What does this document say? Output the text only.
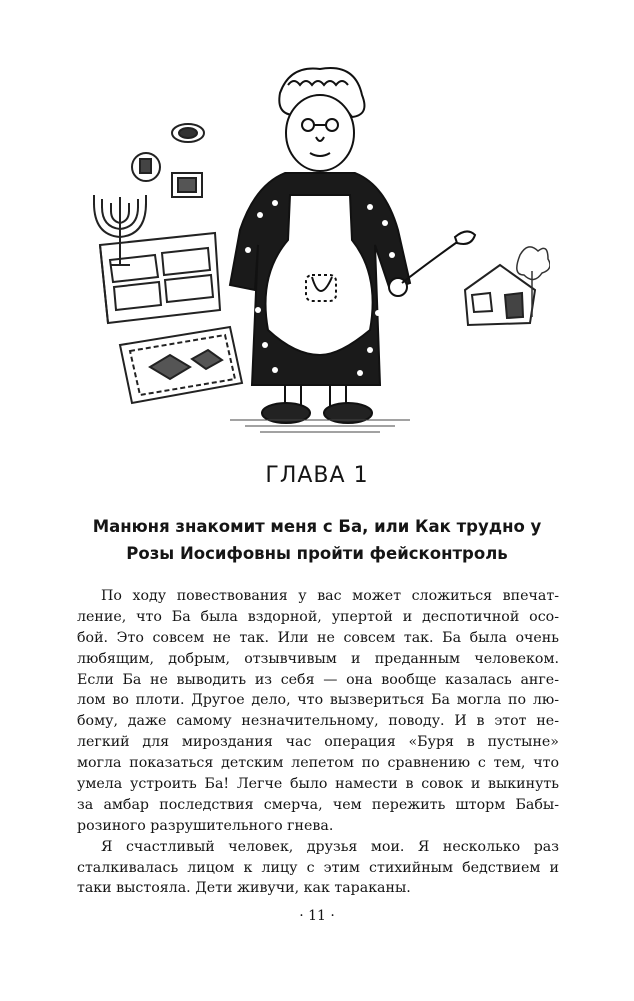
ГЛАВА 1
Манюня знакомит меня с Ба, или Как трудно у
Розы Иосифовны пройти фейсконтроль
По ходу повествования у вас может сложиться впечат-
ление, что Ба была вздорной, упертой и деспотичной осо-
бой. Это совсем не так. Или не совсем так. Ба была очень
любящим, добрым, отзывчивым и преданным человеком.
Если Ба не выводить из себя — она вообще казалась анге-
лом во плоти. Другое дело, что вызвериться Ба могла по лю-
бому, даже самому незначительному, поводу. И в этот не-
легкий для мироздания час операция «Буря в пустыне»
могла показаться детским лепетом по сравнению с тем, что
умела устроить Ба! Легче было намести в совок и выкинуть
за амбар последствия смерча, чем пережить шторм Бабы-
розиного разрушительного гнева.
Я счастливый человек, друзья мои. Я несколько раз
сталкивалась лицом к лицу с этим стихийным бедствием и
таки выстояла. Дети живучи, как тараканы.
· 11 ·
